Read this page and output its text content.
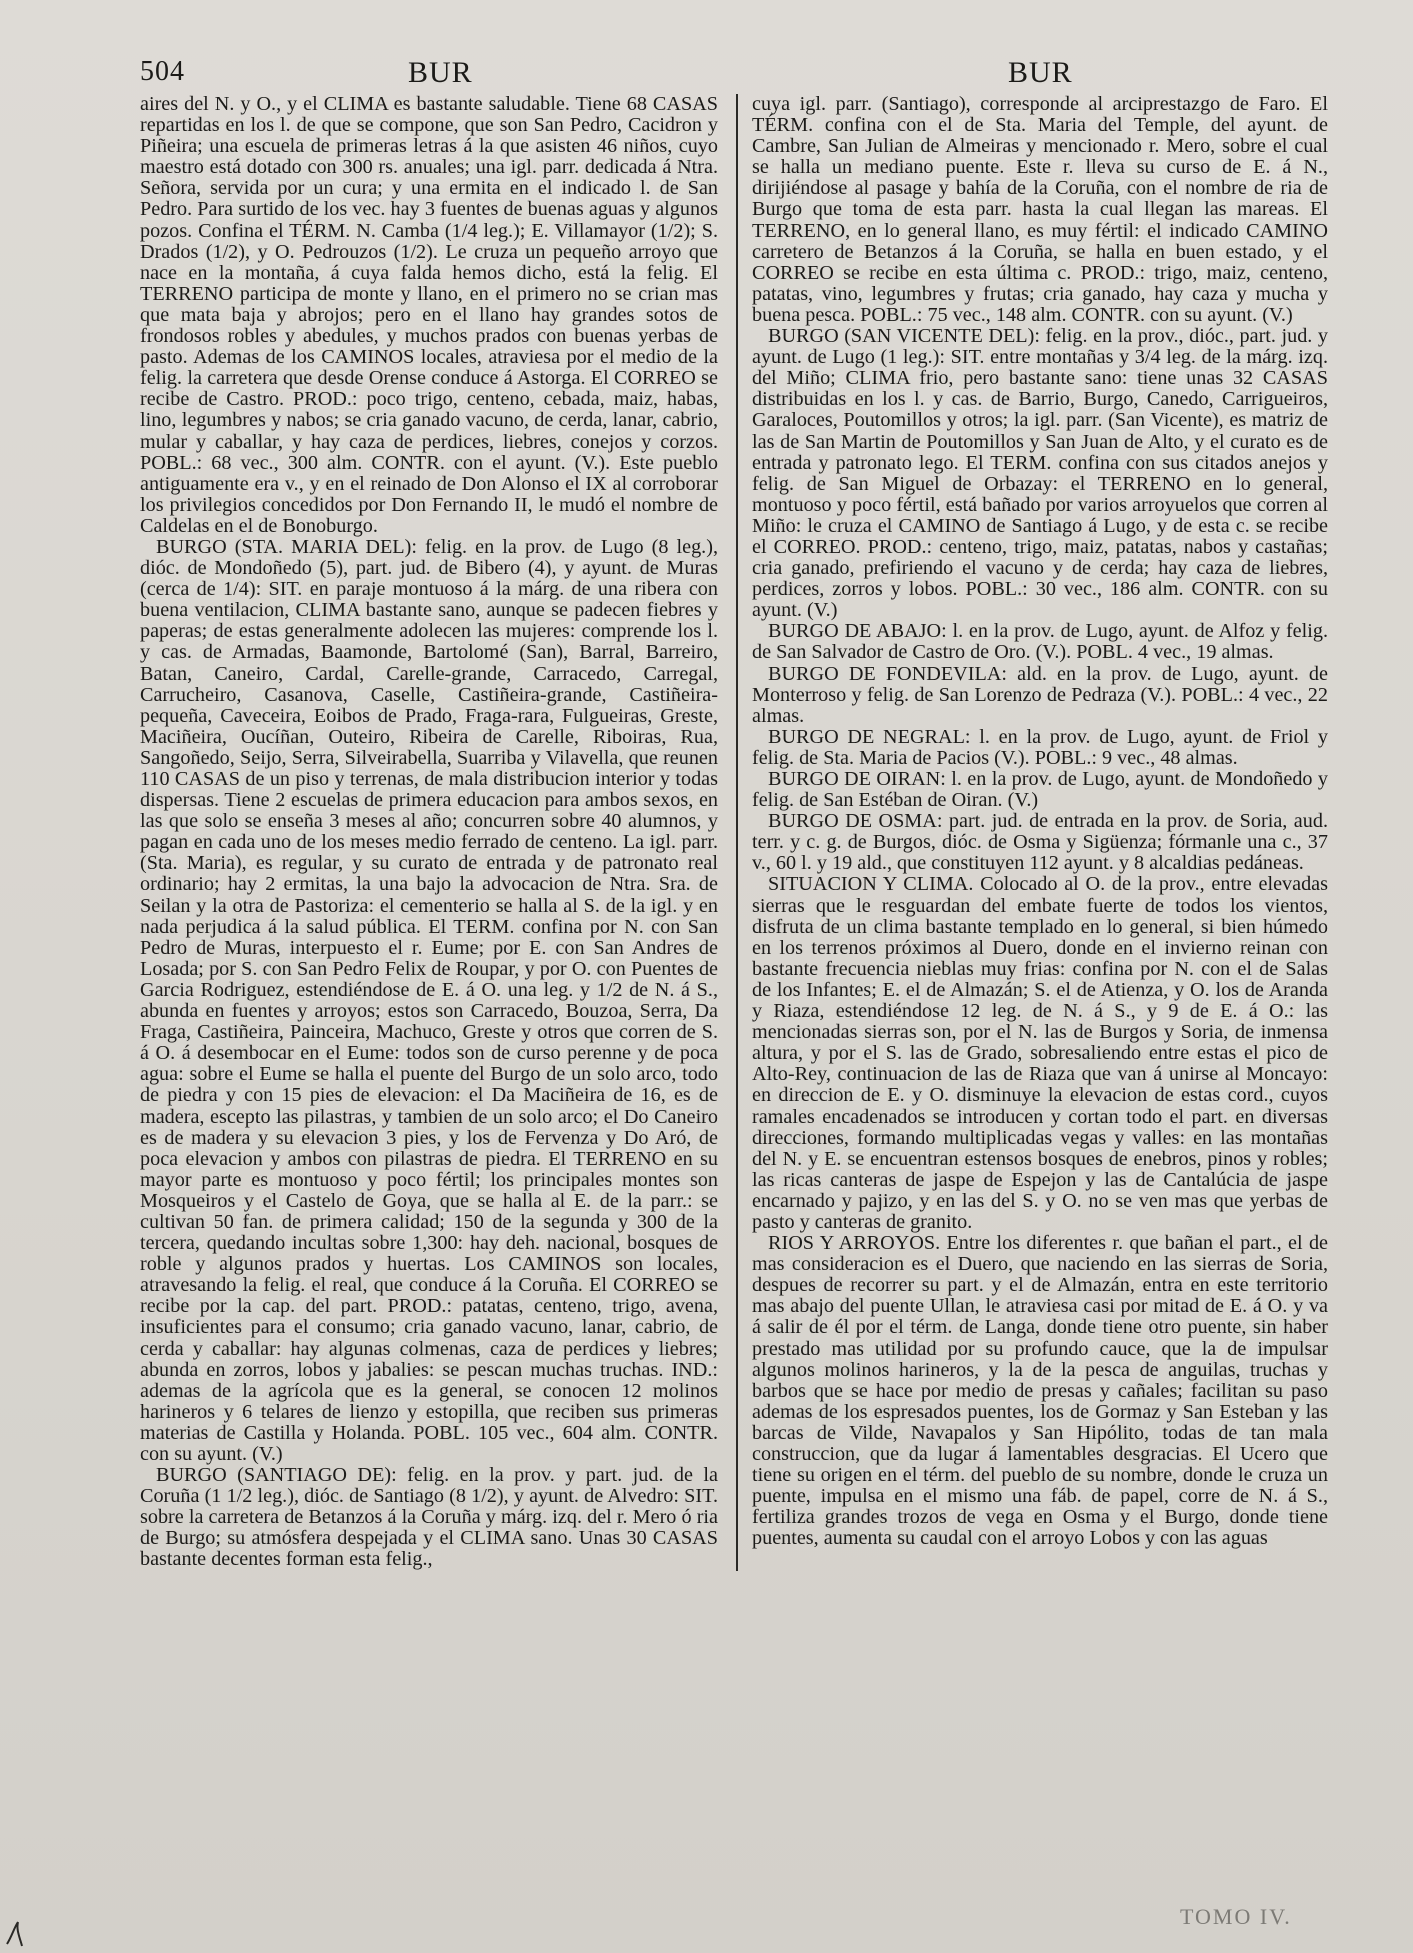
504	BUR	BUR

aires del N. y O., y el CLIMA es bastante saludable. Tiene 68 CASAS repartidas en los l. de que se compone, que son San Pedro, Cacidron y Piñeira; una escuela de primeras letras á la que asisten 46 niños, cuyo maestro está dotado con 300 rs. anuales; una igl. parr. dedicada á Ntra. Señora, servida por un cura; y una ermita en el indicado l. de San Pedro. Para surtido de los vec. hay 3 fuentes de buenas aguas y algunos pozos. Confina el TÉRM. N. Camba (1/4 leg.); E. Villamayor (1/2); S. Drados (1/2), y O. Pedrouzos (1/2). Le cruza un pequeño arroyo que nace en la montaña, á cuya falda hemos dicho, está la felig. El TERRENO participa de monte y llano, en el primero no se crian mas que mata baja y abrojos; pero en el llano hay grandes sotos de frondosos robles y abedules, y muchos prados con buenas yerbas de pasto. Ademas de los CAMINOS locales, atraviesa por el medio de la felig. la carretera que desde Orense conduce á Astorga. El CORREO se recibe de Castro. PROD.: poco trigo, centeno, cebada, maiz, habas, lino, legumbres y nabos; se cria ganado vacuno, de cerda, lanar, cabrio, mular y caballar, y hay caza de perdices, liebres, conejos y corzos. POBL.: 68 vec., 300 alm. CONTR. con el ayunt. (V.). Este pueblo antiguamente era v., y en el reinado de Don Alonso el IX al corroborar los privilegios concedidos por Don Fernando II, le mudó el nombre de Caldelas en el de Bonoburgo.

BURGO (STA. MARIA DEL): felig. en la prov. de Lugo (8 leg.), dióc. de Mondoñedo (5), part. jud. de Bibero (4), y ayunt. de Muras (cerca de 1/4): SIT. en paraje montuoso á la márg. de una ribera con buena ventilacion, CLIMA bastante sano, aunque se padecen fiebres y paperas; de estas generalmente adolecen las mujeres: comprende los l. y cas. de Armadas, Baamonde, Bartolomé (San), Barral, Barreiro, Batan, Caneiro, Cardal, Carelle-grande, Carracedo, Carregal, Carrucheiro, Casanova, Caselle, Castiñeira-grande, Castiñeira-pequeña, Caveceira, Eoibos de Prado, Fraga-rara, Fulgueiras, Greste, Maciñeira, Oucíñan, Outeiro, Ribeira de Carelle, Riboiras, Rua, Sangoñedo, Seijo, Serra, Silveirabella, Suarriba y Vilavella, que reunen 110 CASAS de un piso y terrenas, de mala distribucion interior y todas dispersas. Tiene 2 escuelas de primera educacion para ambos sexos, en las que solo se enseña 3 meses al año; concurren sobre 40 alumnos, y pagan en cada uno de los meses medio ferrado de centeno. La igl. parr. (Sta. Maria), es regular, y su curato de entrada y de patronato real ordinario; hay 2 ermitas, la una bajo la advocacion de Ntra. Sra. de Seilan y la otra de Pastoriza: el cementerio se halla al S. de la igl. y en nada perjudica á la salud pública. El TERM. confina por N. con San Pedro de Muras, interpuesto el r. Eume; por E. con San Andres de Losada; por S. con San Pedro Felix de Roupar, y por O. con Puentes de Garcia Rodriguez, estendiéndose de E. á O. una leg. y 1/2 de N. á S., abunda en fuentes y arroyos; estos son Carracedo, Bouzoa, Serra, Da Fraga, Castiñeira, Painceira, Machuco, Greste y otros que corren de S. á O. á desembocar en el Eume: todos son de curso perenne y de poca agua: sobre el Eume se halla el puente del Burgo de un solo arco, todo de piedra y con 15 pies de elevacion: el Da Maciñeira de 16, es de madera, escepto las pilastras, y tambien de un solo arco; el Do Caneiro es de madera y su elevacion 3 pies, y los de Fervenza y Do Aró, de poca elevacion y ambos con pilastras de piedra. El TERRENO en su mayor parte es montuoso y poco fértil; los principales montes son Mosqueiros y el Castelo de Goya, que se halla al E. de la parr.: se cultivan 50 fan. de primera calidad; 150 de la segunda y 300 de la tercera, quedando incultas sobre 1,300: hay deh. nacional, bosques de roble y algunos prados y huertas. Los CAMINOS son locales, atravesando la felig. el real, que conduce á la Coruña. El CORREO se recibe por la cap. del part. PROD.: patatas, centeno, trigo, avena, insuficientes para el consumo; cria ganado vacuno, lanar, cabrio, de cerda y caballar: hay algunas colmenas, caza de perdices y liebres; abunda en zorros, lobos y jabalies: se pescan muchas truchas. IND.: ademas de la agrícola que es la general, se conocen 12 molinos harineros y 6 telares de lienzo y estopilla, que reciben sus primeras materias de Castilla y Holanda. POBL. 105 vec., 604 alm. CONTR. con su ayunt. (V.)

BURGO (SANTIAGO DE): felig. en la prov. y part. jud. de la Coruña (1 1/2 leg.), dióc. de Santiago (8 1/2), y ayunt. de Alvedro: SIT. sobre la carretera de Betanzos á la Coruña y márg. izq. del r. Mero ó ria de Burgo; su atmósfera despejada y el CLIMA sano. Unas 30 CASAS bastante decentes forman esta felig.,

cuya igl. parr. (Santiago), corresponde al arciprestazgo de Faro. El TÉRM. confina con el de Sta. Maria del Temple, del ayunt. de Cambre, San Julian de Almeiras y mencionado r. Mero, sobre el cual se halla un mediano puente. Este r. lleva su curso de E. á N., dirijiéndose al pasage y bahía de la Coruña, con el nombre de ria de Burgo que toma de esta parr. hasta la cual llegan las mareas. El TERRENO, en lo general llano, es muy fértil: el indicado CAMINO carretero de Betanzos á la Coruña, se halla en buen estado, y el CORREO se recibe en esta última c. PROD.: trigo, maiz, centeno, patatas, vino, legumbres y frutas; cria ganado, hay caza y mucha y buena pesca. POBL.: 75 vec., 148 alm. CONTR. con su ayunt. (V.)

BURGO (SAN VICENTE DEL): felig. en la prov., dióc., part. jud. y ayunt. de Lugo (1 leg.): SIT. entre montañas y 3/4 leg. de la márg. izq. del Miño; CLIMA frio, pero bastante sano: tiene unas 32 CASAS distribuidas en los l. y cas. de Barrio, Burgo, Canedo, Carrigueiros, Garaloces, Poutomillos y otros; la igl. parr. (San Vicente), es matriz de las de San Martin de Poutomillos y San Juan de Alto, y el curato es de entrada y patronato lego. El TERM. confina con sus citados anejos y felig. de San Miguel de Orbazay: el TERRENO en lo general, montuoso y poco fértil, está bañado por varios arroyuelos que corren al Miño: le cruza el CAMINO de Santiago á Lugo, y de esta c. se recibe el CORREO. PROD.: centeno, trigo, maiz, patatas, nabos y castañas; cria ganado, prefiriendo el vacuno y de cerda; hay caza de liebres, perdices, zorros y lobos. POBL.: 30 vec., 186 alm. CONTR. con su ayunt. (V.)

BURGO DE ABAJO: l. en la prov. de Lugo, ayunt. de Alfoz y felig. de San Salvador de Castro de Oro. (V.). POBL. 4 vec., 19 almas.

BURGO DE FONDEVILA: ald. en la prov. de Lugo, ayunt. de Monterroso y felig. de San Lorenzo de Pedraza (V.). POBL.: 4 vec., 22 almas.

BURGO DE NEGRAL: l. en la prov. de Lugo, ayunt. de Friol y felig. de Sta. Maria de Pacios (V.). POBL.: 9 vec., 48 almas.

BURGO DE OIRAN: l. en la prov. de Lugo, ayunt. de Mondoñedo y felig. de San Estéban de Oiran. (V.)

BURGO DE OSMA: part. jud. de entrada en la prov. de Soria, aud. terr. y c. g. de Burgos, dióc. de Osma y Sigüenza; fórmanle una c., 37 v., 60 l. y 19 ald., que constituyen 112 ayunt. y 8 alcaldias pedáneas.

SITUACION Y CLIMA. Colocado al O. de la prov., entre elevadas sierras que le resguardan del embate fuerte de todos los vientos, disfruta de un clima bastante templado en lo general, si bien húmedo en los terrenos próximos al Duero, donde en el invierno reinan con bastante frecuencia nieblas muy frias: confina por N. con el de Salas de los Infantes; E. el de Almazán; S. el de Atienza, y O. los de Aranda y Riaza, estendiéndose 12 leg. de N. á S., y 9 de E. á O.: las mencionadas sierras son, por el N. las de Burgos y Soria, de inmensa altura, y por el S. las de Grado, sobresaliendo entre estas el pico de Alto-Rey, continuacion de las de Riaza que van á unirse al Moncayo: en direccion de E. y O. disminuye la elevacion de estas cord., cuyos ramales encadenados se introducen y cortan todo el part. en diversas direcciones, formando multiplicadas vegas y valles: en las montañas del N. y E. se encuentran estensos bosques de enebros, pinos y robles; las ricas canteras de jaspe de Espejon y las de Cantalúcia de jaspe encarnado y pajizo, y en las del S. y O. no se ven mas que yerbas de pasto y canteras de granito.

RIOS Y ARROYOS. Entre los diferentes r. que bañan el part., el de mas consideracion es el Duero, que naciendo en las sierras de Soria, despues de recorrer su part. y el de Almazán, entra en este territorio mas abajo del puente Ullan, le atraviesa casi por mitad de E. á O. y va á salir de él por el térm. de Langa, donde tiene otro puente, sin haber prestado mas utilidad por su profundo cauce, que la de impulsar algunos molinos harineros, y la de la pesca de anguilas, truchas y barbos que se hace por medio de presas y cañales; facilitan su paso ademas de los espresados puentes, los de Gormaz y San Esteban y las barcas de Vilde, Navapalos y San Hipólito, todas de tan mala construccion, que da lugar á lamentables desgracias. El Ucero que tiene su origen en el térm. del pueblo de su nombre, donde le cruza un puente, impulsa en el mismo una fáb. de papel, corre de N. á S., fertiliza grandes trozos de vega en Osma y el Burgo, donde tiene puentes, aumenta su caudal con el arroyo Lobos y con las aguas

TOMO IV.
